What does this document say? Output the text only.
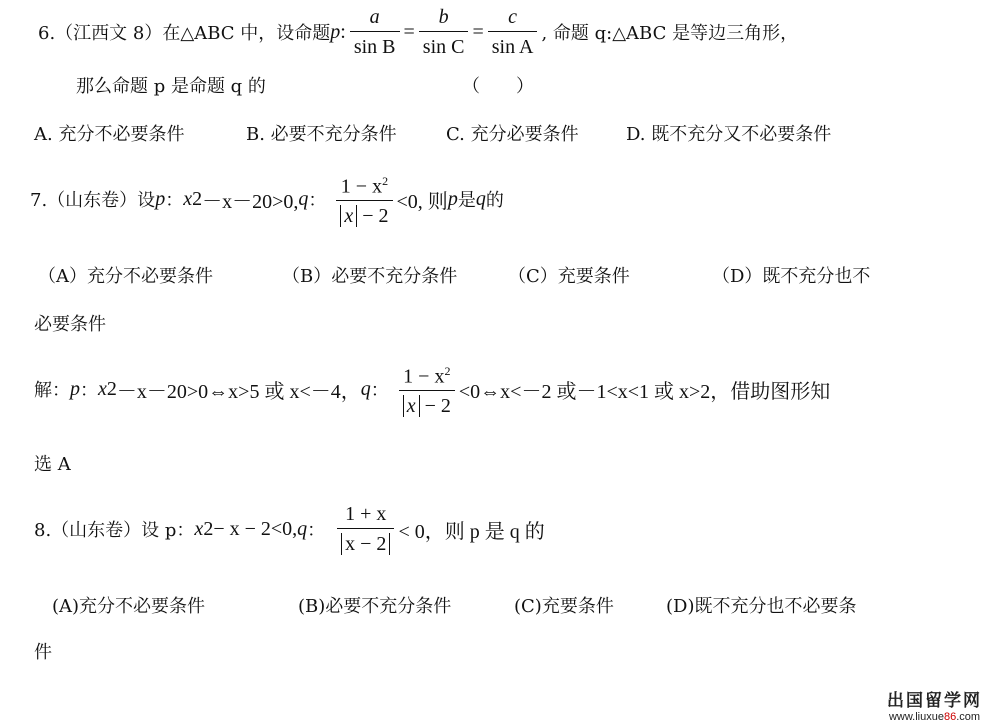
6.（江西文 8）在△ABC 中，设命题 p : $\frac{a}{\text{sin B}} = \frac{b}{\text{sin C}} = \frac{c}{\text{sin A}}$ , 命题 q:△ABC 是等边三角形，
那么命题 p 是命题 q 的	（　　）
A. 充分不必要条件	B. 必要不充分条件	C. 充分必要条件	D. 既不充分又不必要条件
7.（山东卷）设 p ： x 2 －x－20>0, q ： $\frac{1 - x^2}{x - 2} <0$, 则 p 是 q 的
（A）充分不必要条件	（B）必要不充分条件	（C）充要条件	（D）既不充分也不
必要条件
解： p ： x 2 －x－20>0⇔x>5 或 x<－4， q ： $\frac{1 - x^2}{x - 2}$ <0⇔x<－2 或－1<x<1 或 x>2，借助图形知
选 A
8.（山东卷）设 p： x 2 − x − 2<0, q ： $\frac{1 + x}{x - 2} < 0$，则 p 是 q 的
(A)充分不必要条件	(B)必要不充分条件	(C)充要条件	(D)既不充分也不必要条
件
出国留学网
www.liuxue86.com
